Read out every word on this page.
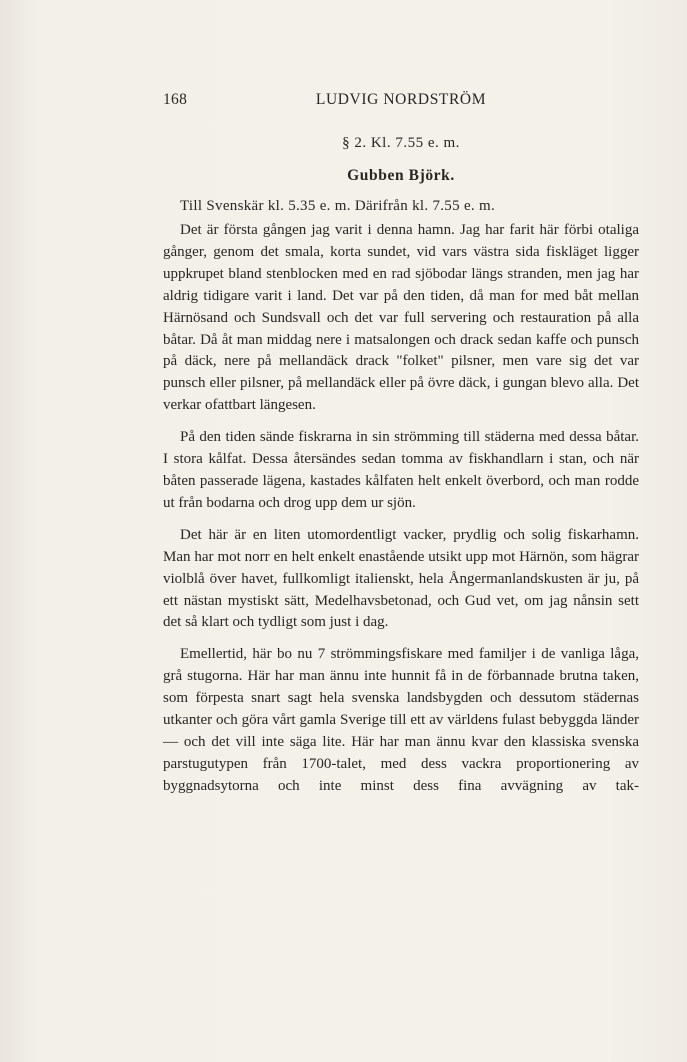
168	LUDVIG NORDSTRÖM
§ 2. Kl. 7.55 e. m.
Gubben Björk.
Till Svenskär kl. 5.35 e. m. Därifrån kl. 7.55 e. m.

Det är första gången jag varit i denna hamn. Jag har farit här förbi otaliga gånger, genom det smala, korta sundet, vid vars västra sida fiskläget ligger uppkrupet bland stenblocken med en rad sjöbodar längs stranden, men jag har aldrig tidigare varit i land. Det var på den tiden, då man for med båt mellan Härnösand och Sundsvall och det var full servering och restauration på alla båtar. Då åt man middag nere i matsalongen och drack sedan kaffe och punsch på däck, nere på mellandäck drack "folket" pilsner, men vare sig det var punsch eller pilsner, på mellandäck eller på övre däck, i gungan blevo alla. Det verkar ofattbart längesen.

På den tiden sände fiskrarna in sin strömming till städerna med dessa båtar. I stora kålfat. Dessa återsändes sedan tomma av fiskhandlarn i stan, och när båten passerade lägena, kastades kålfaten helt enkelt överbord, och man rodde ut från bodarna och drog upp dem ur sjön.

Det här är en liten utomordentligt vacker, prydlig och solig fiskarhamn. Man har mot norr en helt enkelt enastående utsikt upp mot Härnön, som hägrar violblå över havet, fullkomligt italienskt, hela Ångermanlandskusten är ju, på ett nästan mystiskt sätt, Medelhavsbetonad, och Gud vet, om jag nånsin sett det så klart och tydligt som just i dag.

Emellertid, här bo nu 7 strömmingsfiskare med familjer i de vanliga låga, grå stugorna. Här har man ännu inte hunnit få in de förbannade brutna taken, som förpesta snart sagt hela svenska landsbygden och dessutom städernas utkanter och göra vårt gamla Sverige till ett av världens fulast bebyggda länder — och det vill inte säga lite. Här har man ännu kvar den klassiska svenska parstugutypen från 1700-talet, med dess vackra proportionering av byggnadsytorna och inte minst dess fina avvägning av tak-
